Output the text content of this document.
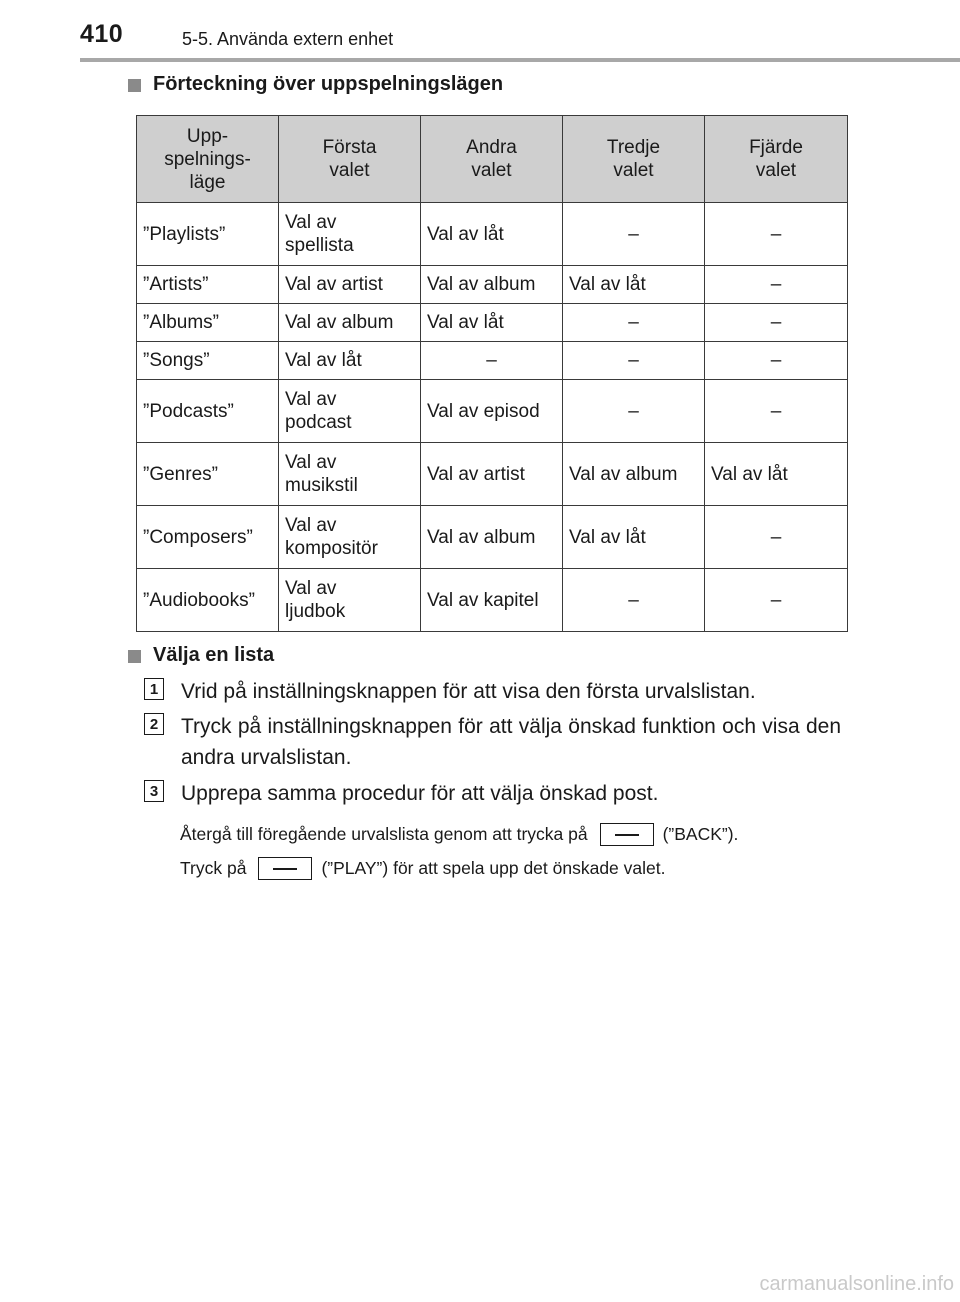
410	5-5. Använda extern enhet
Förteckning över uppspelningslägen
Upp-
spelnings-
läge	Första
valet	Andra
valet	Tredje
valet	Fjärde
valet
”Playlists”	Val av
spellista	Val av låt	–	–
”Artists”	Val av artist	Val av album	Val av låt	–
”Albums”	Val av album	Val av låt	–	–
”Songs”	Val av låt	–	–	–
”Podcasts”	Val av
podcast	Val av episod	–	–
”Genres”	Val av
musikstil	Val av artist	Val av album	Val av låt
”Composers”	Val av
kompositör	Val av album	Val av låt	–
”Audiobooks”	Val av
ljudbok	Val av kapitel	–	–
Välja en lista
1 Vrid på inställningsknappen för att visa den första urvalslistan.
2 Tryck på inställningsknappen för att välja önskad funktion och visa den andra urvalslistan.
3 Upprepa samma procedur för att välja önskad post.
Återgå till föregående urvalslista genom att trycka på	(”BACK”).
Tryck på	(”PLAY”) för att spela upp det önskade valet.
carmanualsonline.info
